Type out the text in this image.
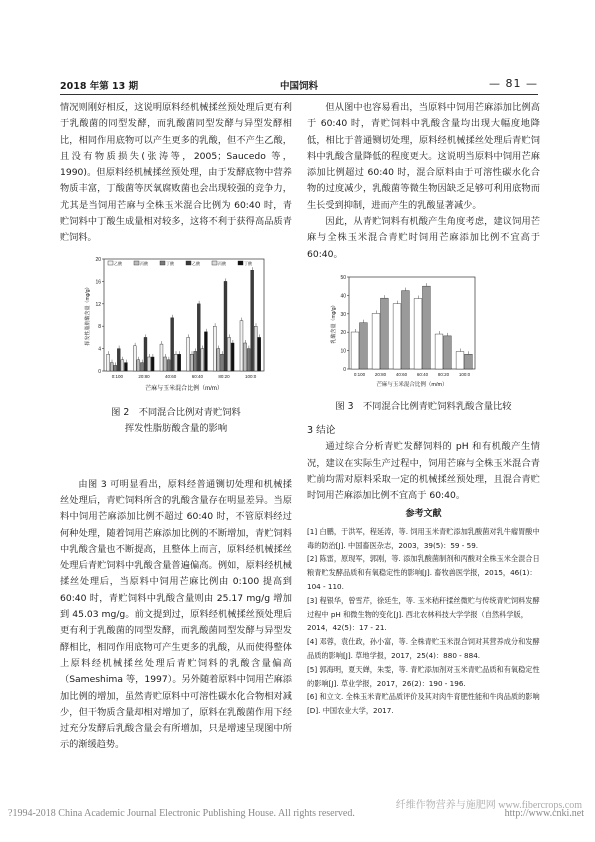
2018 年第 13 期	中国饲料	— 81 —

情况则刚好相反，这说明原料经机械揉丝预处理后更有利于乳酸菌的同型发酵，而乳酸菌同型发酵与异型发酵相比，相同作用底物可以产生更多的乳酸，但不产生乙酸，且没有物质损失(张涛等，2005；Saucedo 等，1990)。但原料经机械揉丝预处理，由于发酵底物中营养物质丰富，丁酸菌等厌氧腐败菌也会出现较强的竞争力，尤其是当饲用芒麻与全株玉米混合比例为 60:40 时，青贮饲料中丁酸生成量相对较多，这将不利于获得高品质青贮饲料。

0
4
8
12
16
20
0:100	20:80	40:60	60:40	80:20	100:0
芒麻与玉米混合比例（m/m）
挥发性脂肪酸含量（mg/g）
乙酸	丙酸	丁酸	乙酸	丙酸	丁酸
图 2　不同混合比例对青贮饲料
挥发性脂肪酸含量的影响

由图 3 可明显看出，原料经普通铡切处理和机械揉丝处理后，青贮饲料所含的乳酸含量存在明显差异。当原料中饲用芒麻添加比例不超过 60:40 时，不管原料经过何种处理，随着饲用芒麻添加比例的不断增加，青贮饲料中乳酸含量也不断提高，且整体上而言，原料经机械揉丝处理后青贮饲料中乳酸含量普遍偏高。例如，原料经机械揉丝处理后，当原料中饲用芒麻比例由 0:100 提高到 60:40 时，青贮饲料中乳酸含量则由 25.17 mg/g 增加到 45.03 mg/g。前文提到过，原料经机械揉丝预处理后更有利于乳酸菌的同型发酵，而乳酸菌同型发酵与异型发酵相比，相同作用底物可产生更多的乳酸，从而使得整体上原料经机械揉丝处理后青贮饲料的乳酸含量偏高（Sameshima 等，1997）。另外随着原料中饲用芒麻添加比例的增加，虽然青贮原料中可溶性碳水化合物相对减少，但干物质含量却相对增加了，原料在乳酸菌作用下经过充分发酵后乳酸含量会有所增加，只是增速呈现图中所示的渐缓趋势。

但从图中也容易看出，当原料中饲用芒麻添加比例高于 60:40 时，青贮饲料中乳酸含量均出现大幅度地降低，相比于普通铡切处理，原料经机械揉丝处理后青贮饲料中乳酸含量降低的程度更大。这说明当原料中饲用芒麻添加比例超过 60:40 时，混合原料由于可溶性碳水化合物的过度减少，乳酸菌等微生物因缺乏足够可利用底物而生长受到抑制，进而产生的乳酸显著减少。

因此，从青贮饲料有机酸产生角度考虑，建议饲用芒麻与全株玉米混合青贮时饲用芒麻添加比例不宜高于 60:40。

0
10
20
30
40
50
0:100 20:80 40:60 60:40 80:20 100:0
芒麻与玉米混合比例（m/m）
乳酸含量（mg/g）
图 3　不同混合比例青贮饲料乳酸含量比较

3 结论

通过综合分析青贮发酵饲料的 pH 和有机酸产生情况，建议在实际生产过程中，饲用芒麻与全株玉米混合青贮前均需对原料采取一定的机械揉丝预处理，且混合青贮时饲用芒麻添加比例不宜高于 60:40。

参考文献
[1] 白鹏，于洪军，程延涛，等. 饲用玉米青贮添加乳酸菌对乳牛瘤胃酸中毒的防治[J]. 中国畜医杂志，2003，39(5)：59 - 59.
[2] 陈雷，原现军，郭刚，等. 添加乳酸菌制剂和丙酸对全株玉米全混合日粮青贮发酵品质和有氧稳定性的影响[J]. 畜牧兽医学报，2015，46(1)：104 - 110.
[3] 程银华，曾雪芹，徐廷生，等. 玉米秸秆揉丝微贮与传统青贮饲料发酵过程中 pH 和微生物的变化[J]. 西北农林科技大学学报（自然科学版，2014，42(5)：17 - 21.
[4] 邓蓉，袁仕政，孙小富，等. 全株青贮玉米混合饲对其营养成分和发酵品质的影响[J]. 草地学报，2017，25(4)：880 - 884.
[5] 郭海明，夏天婵，朱雯，等. 青贮添加剂对玉米青贮品质和有氧稳定性的影响[J]. 草业学报，2017，26(2)：190 - 196.
[6] 和立文. 全株玉米青贮品质评价及其对肉牛育肥性能和牛肉品质的影响[D]. 中国农业大学，2017.
?1994-2018 China Academic Journal Electronic Publishing House. All rights reserved.
纤维作物营养与施肥网 www.fibercrops.com
http://www.cnki.net
